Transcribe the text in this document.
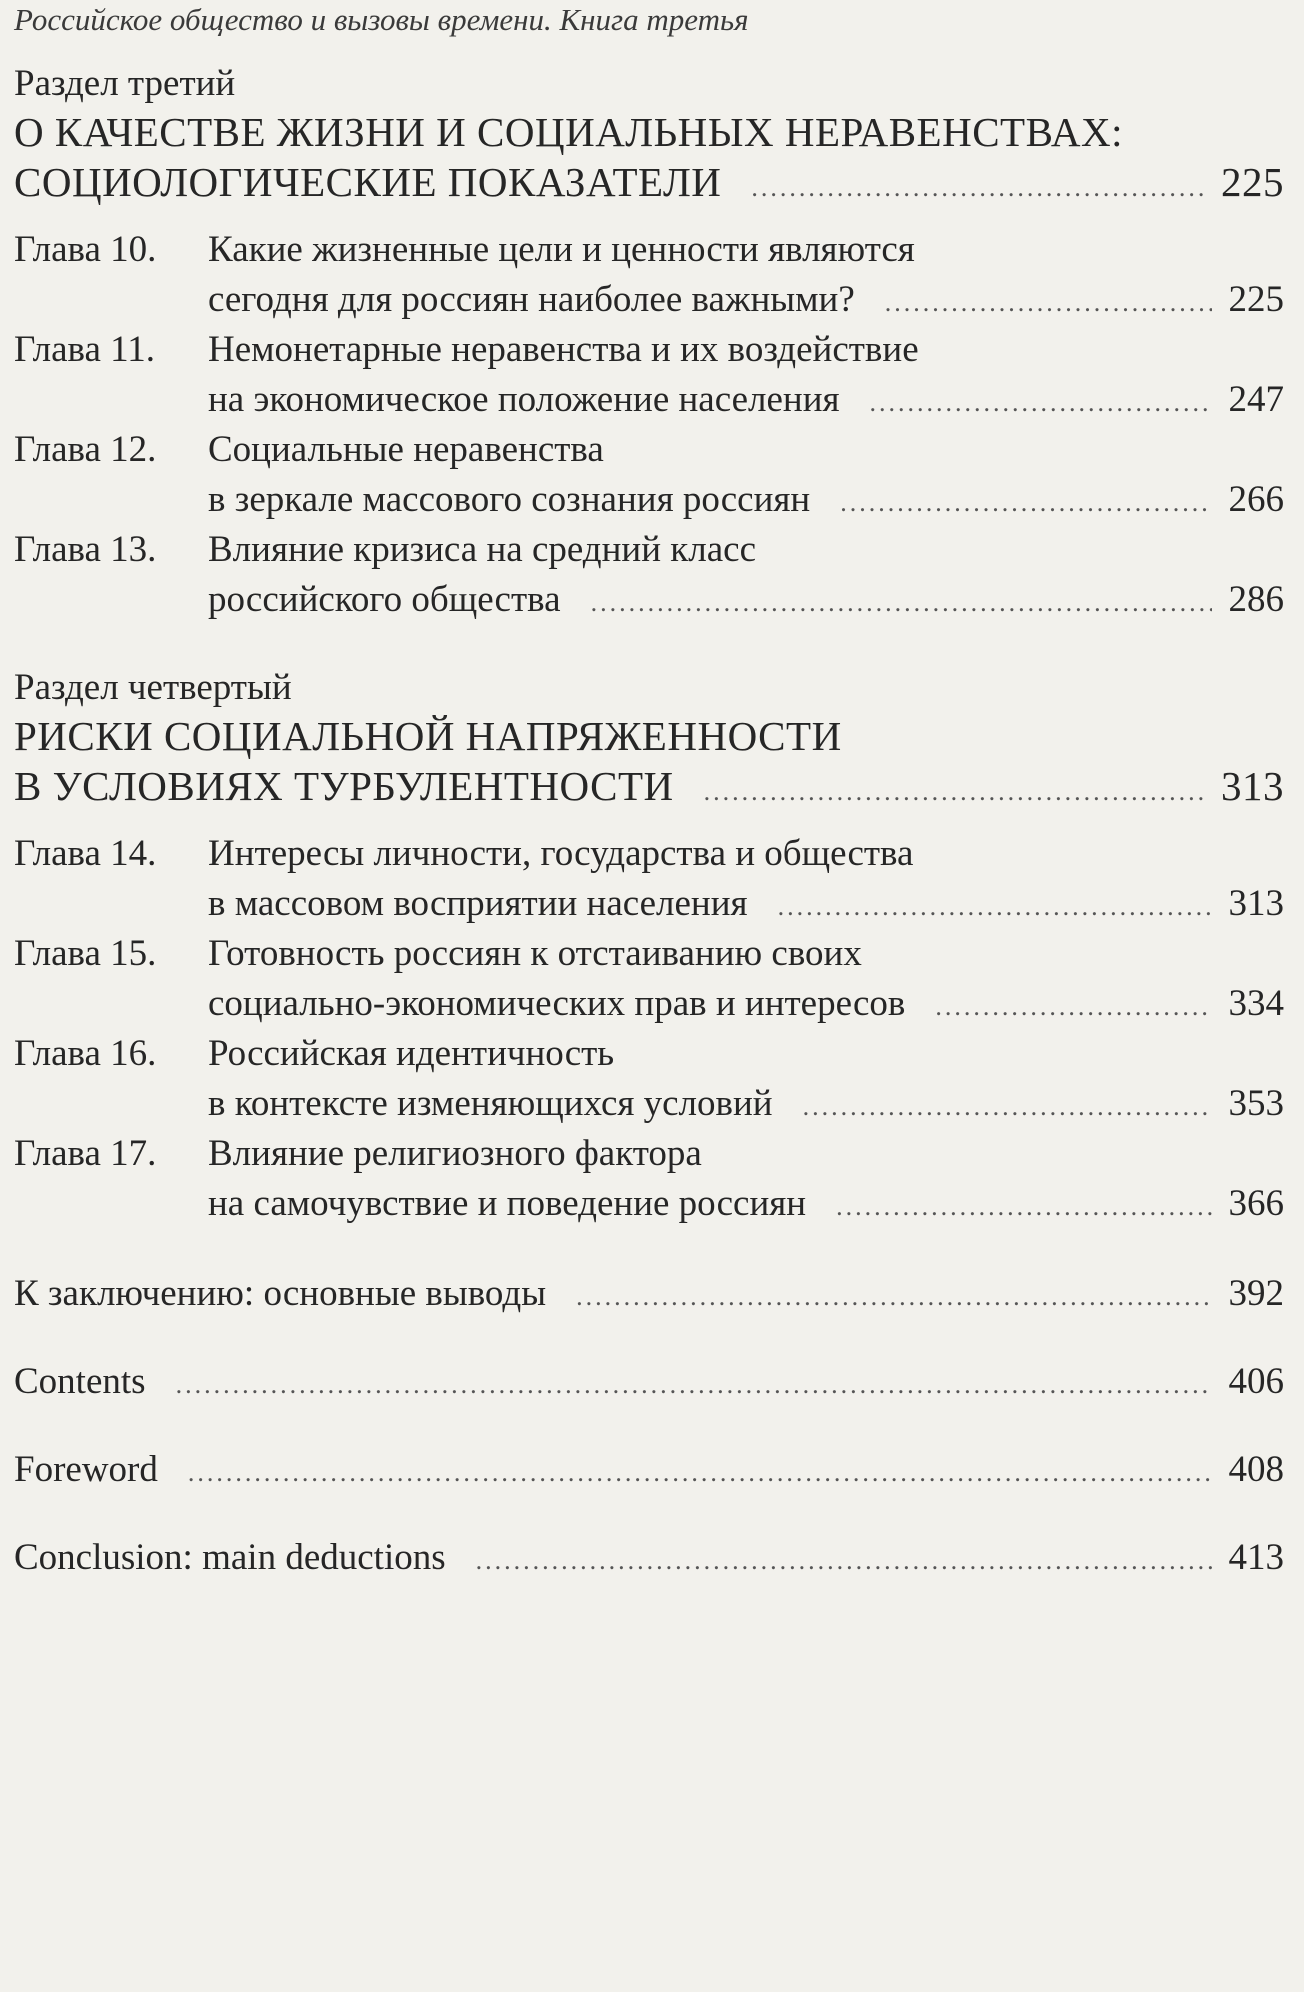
Российское общество и вызовы времени. Книга третья
Раздел третий
О КАЧЕСТВЕ ЖИЗНИ И СОЦИАЛЬНЫХ НЕРАВЕНСТВАХ:
СОЦИОЛОГИЧЕСКИЕ ПОКАЗАТЕЛИ .....	225
Глава 10.	Какие жизненные цели и ценности являются
сегодня для россиян наиболее важными? .....	225
Глава 11.	Немонетарные неравенства и их воздействие
на экономическое положение населения .....	247
Глава 12.	Социальные неравенства
в зеркале массового сознания россиян .....	266
Глава 13.	Влияние кризиса на средний класс
российского общества .....	286
Раздел четвертый
РИСКИ СОЦИАЛЬНОЙ НАПРЯЖЕННОСТИ
В УСЛОВИЯХ ТУРБУЛЕНТНОСТИ .....	313
Глава 14.	Интересы личности, государства и общества
в массовом восприятии населения .....	313
Глава 15.	Готовность россиян к отстаиванию своих
социально-экономических прав и интересов .....	334
Глава 16.	Российская идентичность
в контексте изменяющихся условий .....	353
Глава 17.	Влияние религиозного фактора
на самочувствие и поведение россиян .....	366
К заключению: основные выводы .....	392
Contents .....	406
Foreword .....	408
Conclusion: main deductions .....	413
